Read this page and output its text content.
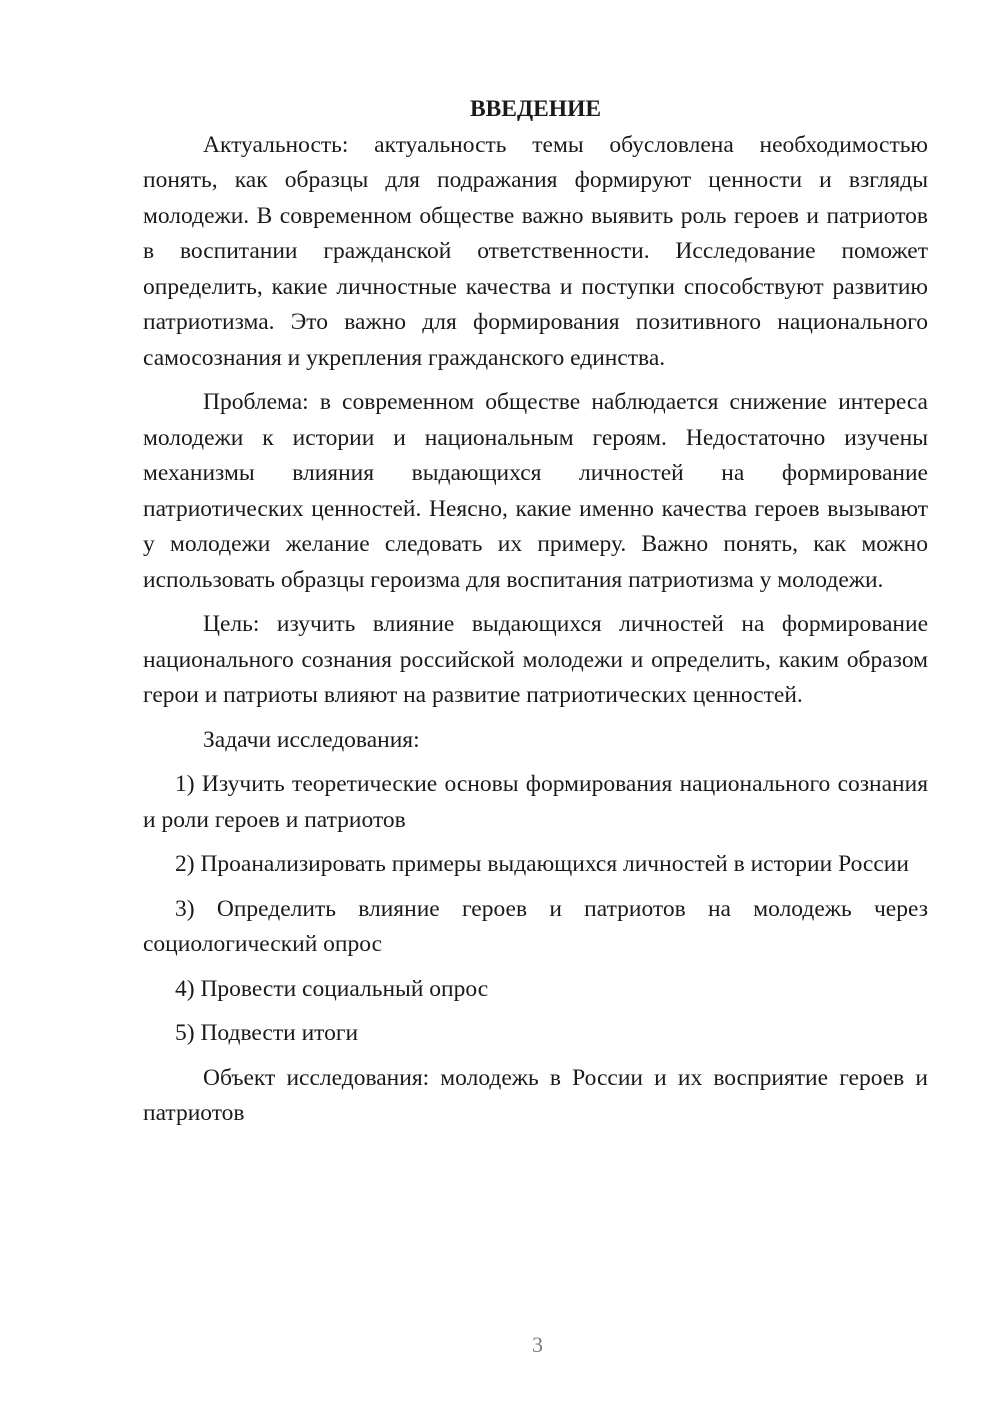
ВВЕДЕНИЕ

Актуальность: актуальность темы обусловлена необходимостью понять, как образцы для подражания формируют ценности и взгляды молодежи. В современном обществе важно выявить роль героев и патриотов в воспитании гражданской ответственности. Исследование поможет определить, какие личностные качества и поступки способствуют развитию патриотизма. Это важно для формирования позитивного национального самосознания и укрепления гражданского единства.

Проблема: в современном обществе наблюдается снижение интереса молодежи к истории и национальным героям. Недостаточно изучены механизмы влияния выдающихся личностей на формирование патриотических ценностей. Неясно, какие именно качества героев вызывают у молодежи желание следовать их примеру. Важно понять, как можно использовать образцы героизма для воспитания патриотизма у молодежи.

Цель: изучить влияние выдающихся личностей на формирование национального сознания российской молодежи и определить, каким образом герои и патриоты влияют на развитие патриотических ценностей.

Задачи исследования:

1) Изучить теоретические основы формирования национального сознания и роли героев и патриотов

2) Проанализировать примеры выдающихся личностей в истории России

3) Определить влияние героев и патриотов на молодежь через социологический опрос

4) Провести социальный опрос

5) Подвести итоги

Объект исследования: молодежь в России и их восприятие героев и патриотов

3
